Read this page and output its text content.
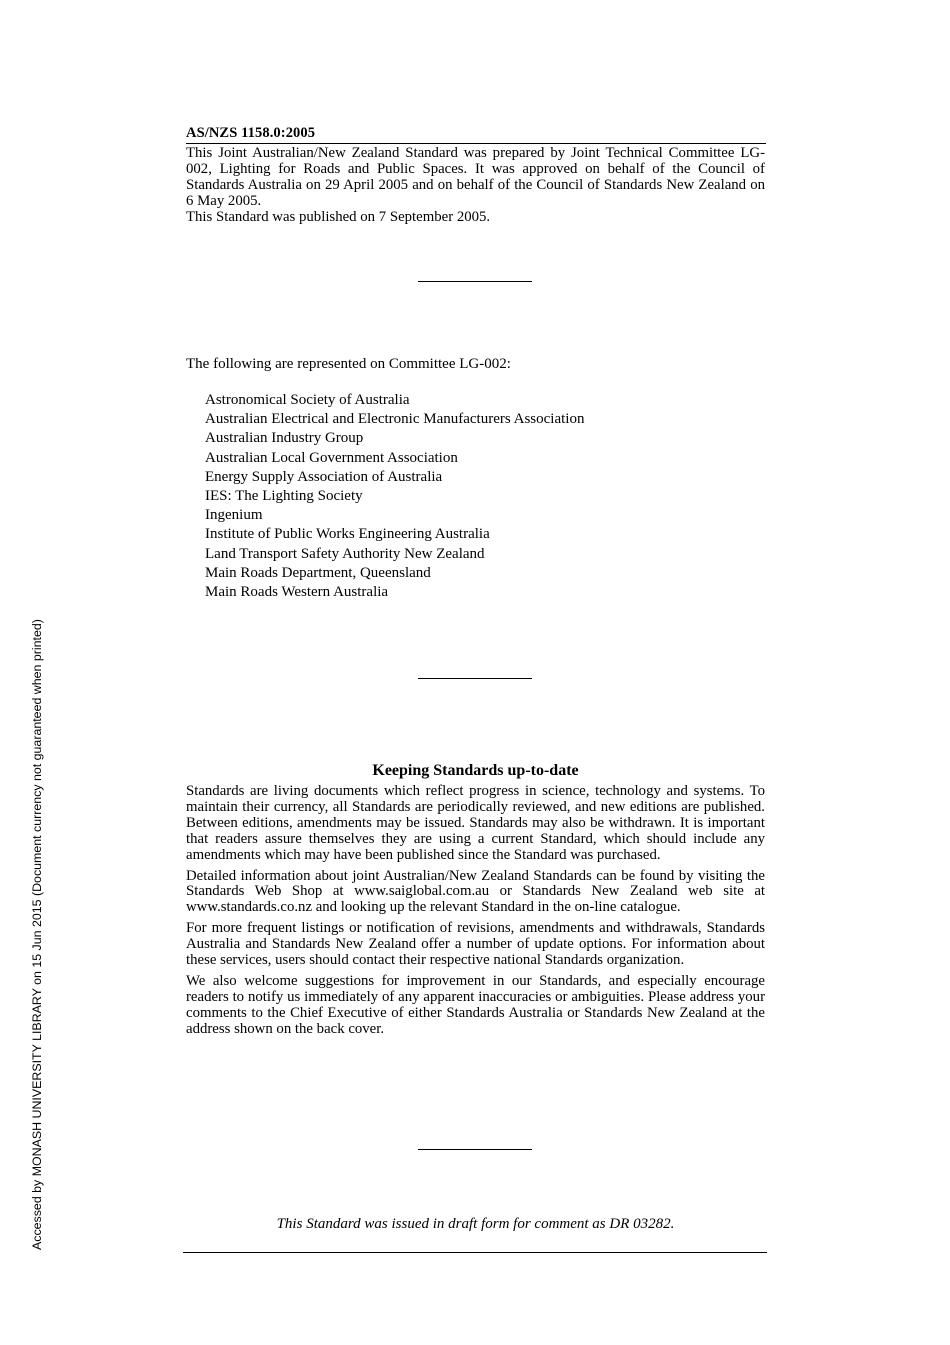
Accessed by MONASH UNIVERSITY LIBRARY on 15 Jun 2015 (Document currency not guaranteed when printed)
AS/NZS 1158.0:2005

This Joint Australian/New Zealand Standard was prepared by Joint Technical Committee LG-002, Lighting for Roads and Public Spaces. It was approved on behalf of the Council of Standards Australia on 29 April 2005 and on behalf of the Council of Standards New Zealand on 6 May 2005.

This Standard was published on 7 September 2005.

The following are represented on Committee LG-002:
Astronomical Society of Australia
Australian Electrical and Electronic Manufacturers Association
Australian Industry Group
Australian Local Government Association
Energy Supply Association of Australia
IES: The Lighting Society
Ingenium
Institute of Public Works Engineering Australia
Land Transport Safety Authority New Zealand
Main Roads Department, Queensland
Main Roads Western Australia
Keeping Standards up-to-date

Standards are living documents which reflect progress in science, technology and systems. To maintain their currency, all Standards are periodically reviewed, and new editions are published. Between editions, amendments may be issued. Standards may also be withdrawn. It is important that readers assure themselves they are using a current Standard, which should include any amendments which may have been published since the Standard was purchased.

Detailed information about joint Australian/New Zealand Standards can be found by visiting the Standards Web Shop at www.saiglobal.com.au or Standards New Zealand web site at www.standards.co.nz and looking up the relevant Standard in the on-line catalogue.

For more frequent listings or notification of revisions, amendments and withdrawals, Standards Australia and Standards New Zealand offer a number of update options. For information about these services, users should contact their respective national Standards organization.

We also welcome suggestions for improvement in our Standards, and especially encourage readers to notify us immediately of any apparent inaccuracies or ambiguities. Please address your comments to the Chief Executive of either Standards Australia or Standards New Zealand at the address shown on the back cover.

This Standard was issued in draft form for comment as DR 03282.
